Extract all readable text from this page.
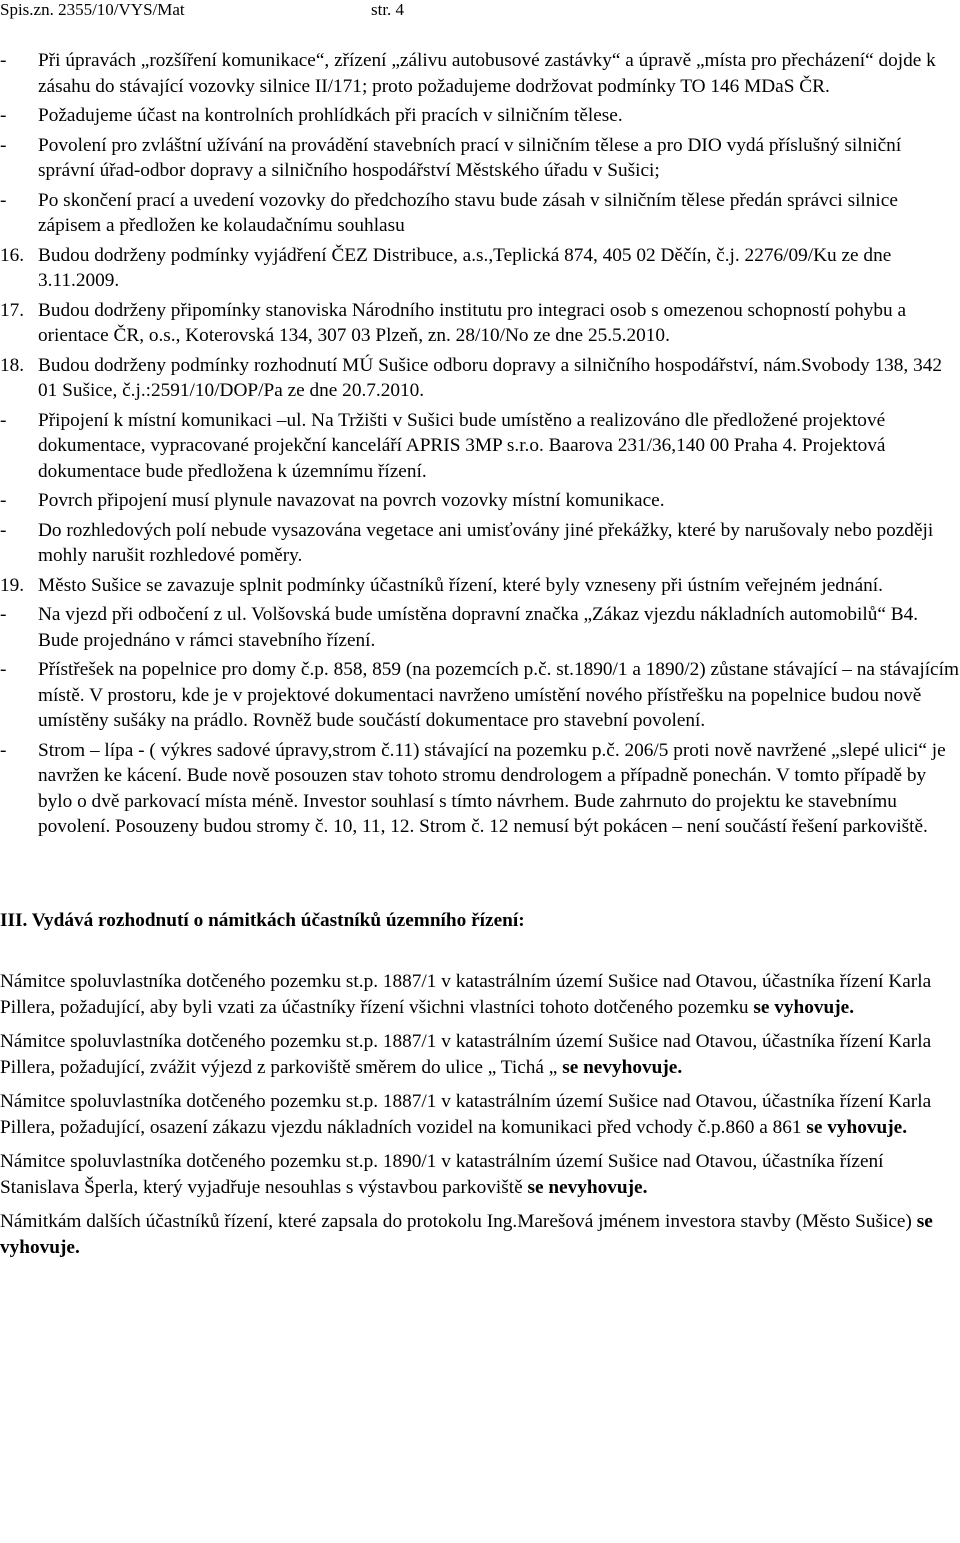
Spis.zn. 2355/10/VYS/Mat	str. 4
- Při úpravách „rozšíření komunikace“, zřízení „zálivu autobusové zastávky“ a úpravě „místa pro přecházení“ dojde k zásahu do stávající vozovky silnice II/171; proto požadujeme dodržovat podmínky TO 146 MDaS ČR.
- Požadujeme účast na kontrolních prohlídkách při pracích v silničním tělese.
- Povolení pro zvláštní užívání na provádění stavebních prací v silničním tělese a pro DIO vydá příslušný silniční správní úřad-odbor dopravy a silničního hospodářství Městského úřadu v Sušici;
- Po skončení prací a uvedení vozovky do předchozího stavu bude zásah v silničním tělese předán správci silnice zápisem a předložen ke kolaudačnímu souhlasu
16. Budou dodrženy podmínky vyjádření ČEZ Distribuce, a.s.,Teplická 874, 405 02 Děčín, č.j. 2276/09/Ku ze dne 3.11.2009.
17. Budou dodrženy připomínky stanoviska Národního institutu pro integraci osob s omezenou schopností pohybu a orientace ČR, o.s., Koterovská 134, 307 03 Plzeň, zn. 28/10/No ze dne 25.5.2010.
18. Budou dodrženy podmínky rozhodnutí MÚ Sušice odboru dopravy a silničního hospodářství, nám.Svobody 138, 342 01 Sušice, č.j.:2591/10/DOP/Pa ze dne 20.7.2010.
- Připojení k místní komunikaci –ul. Na Tržišti v Sušici bude umístěno a realizováno dle předložené projektové dokumentace, vypracované projekční kanceláří APRIS 3MP s.r.o. Baarova 231/36,140 00 Praha 4. Projektová dokumentace bude předložena k územnímu řízení.
- Povrch připojení musí plynule navazovat na povrch vozovky místní komunikace.
- Do rozhledových polí nebude vysazována vegetace ani umisťovány jiné překážky, které by narušovaly nebo později mohly narušit rozhledové poměry.
19. Město Sušice se zavazuje splnit podmínky účastníků řízení, které byly vzneseny při ústním veřejném jednání.
- Na vjezd při odbočení z ul. Volšovská bude umístěna dopravní značka „Zákaz vjezdu nákladních automobilů“ B4. Bude projednáno v rámci stavebního řízení.
- Přístřešek na popelnice pro domy č.p. 858, 859 (na pozemcích p.č. st.1890/1 a 1890/2) zůstane stávající – na stávajícím místě. V prostoru, kde je v projektové dokumentaci navrženo umístění nového přístřešku na popelnice budou nově umístěny sušáky na prádlo. Rovněž bude součástí dokumentace pro stavební povolení.
- Strom – lípa - ( výkres sadové úpravy,strom č.11) stávající na pozemku p.č. 206/5 proti nově navržené „slepé ulici“ je navržen ke kácení. Bude nově posouzen stav tohoto stromu dendrologem a případně ponechán. V tomto případě by bylo o dvě parkovací místa méně. Investor souhlasí s tímto návrhem. Bude zahrnuto do projektu ke stavebnímu povolení. Posouzeny budou stromy č. 10, 11, 12. Strom č. 12 nemusí být pokácen – není součástí řešení parkoviště.
III. Vydává rozhodnutí o námitkách účastníků územního řízení:

Námitce spoluvlastníka dotčeného pozemku st.p. 1887/1 v katastrálním území Sušice nad Otavou, účastníka řízení Karla Pillera, požadující, aby byli vzati za účastníky řízení všichni vlastníci tohoto dotčeného pozemku se vyhovuje.

Námitce spoluvlastníka dotčeného pozemku st.p. 1887/1 v katastrálním území Sušice nad Otavou, účastníka řízení Karla Pillera, požadující, zvážit výjezd z parkoviště směrem do ulice „ Tichá „ se nevyhovuje.

Námitce spoluvlastníka dotčeného pozemku st.p. 1887/1 v katastrálním území Sušice nad Otavou, účastníka řízení Karla Pillera, požadující, osazení zákazu vjezdu nákladních vozidel na komunikaci před vchody č.p.860 a 861 se vyhovuje.

Námitce spoluvlastníka dotčeného pozemku st.p. 1890/1 v katastrálním území Sušice nad Otavou, účastníka řízení Stanislava Šperla, který vyjadřuje nesouhlas s výstavbou parkoviště se nevyhovuje.

Námitkám dalších účastníků řízení, které zapsala do protokolu Ing.Marešová jménem investora stavby (Město Sušice) se vyhovuje.
